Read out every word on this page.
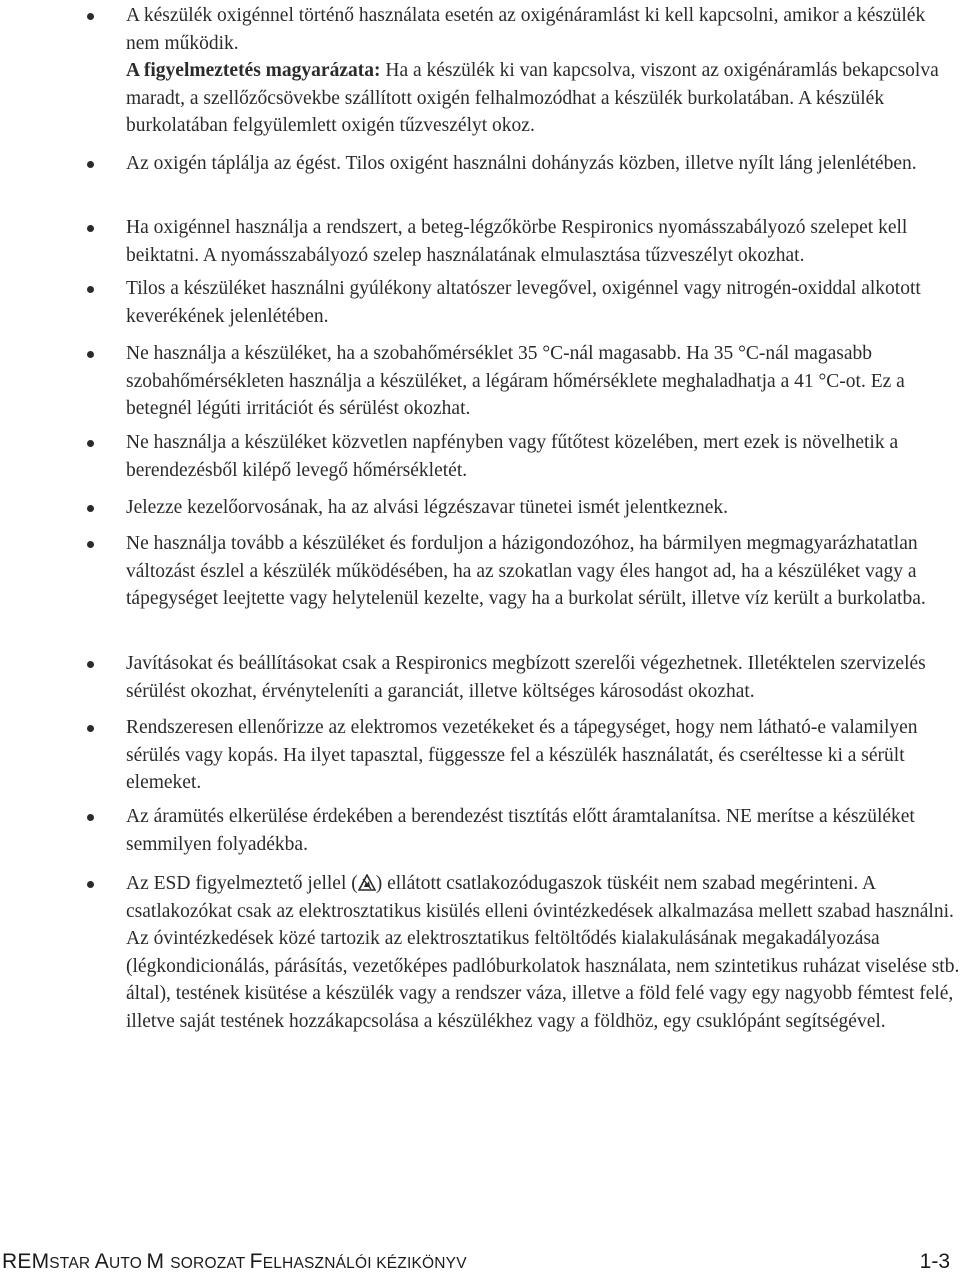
A készülék oxigénnel történő használata esetén az oxigénáramlást ki kell kapcsolni, amikor a készülék nem működik.
A figyelmeztetés magyarázata: Ha a készülék ki van kapcsolva, viszont az oxigénáramlás bekapcsolva maradt, a szellőzőcsövekbe szállított oxigén felhalmozódhat a készülék burkolatában. A készülék burkolatában felgyülemlett oxigén tűzveszélyt okoz.
Az oxigén táplálja az égést. Tilos oxigént használni dohányzás közben, illetve nyílt láng jelenlétében.
Ha oxigénnel használja a rendszert, a beteg-légzőkörbe Respironics nyomásszabályozó szelepet kell beiktatni. A nyomásszabályozó szelep használatának elmulasztása tűzveszélyt okozhat.
Tilos a készüléket használni gyúlékony altatószer levegővel, oxigénnel vagy nitrogén-oxiddal alkotott keverékének jelenlétében.
Ne használja a készüléket, ha a szobahőmérséklet 35 °C-nál magasabb. Ha 35 °C-nál magasabb szobahőmérsékleten használja a készüléket, a légáram hőmérséklete meghaladhatja a 41 °C-ot. Ez a betegnél légúti irritációt és sérülést okozhat.
Ne használja a készüléket közvetlen napfényben vagy fűtőtest közelében, mert ezek is növelhetik a berendezésből kilépő levegő hőmérsékletét.
Jelezze kezelőorvosának, ha az alvási légzészavar tünetei ismét jelentkeznek.
Ne használja tovább a készüléket és forduljon a házigondozóhoz, ha bármilyen megmagyarázhatatlan változást észlel a készülék működésében, ha az szokatlan vagy éles hangot ad, ha a készüléket vagy a tápegységet leejtette vagy helytelenül kezelte, vagy ha a burkolat sérült, illetve víz került a burkolatba.
Javításokat és beállításokat csak a Respironics megbízott szerelői végezhetnek. Illetéktelen szervizelés sérülést okozhat, érvényteleníti a garanciát, illetve költséges károsodást okozhat.
Rendszeresen ellenőrizze az elektromos vezetékeket és a tápegységet, hogy nem látható-e valamilyen sérülés vagy kopás. Ha ilyet tapasztal, függessze fel a készülék használatát, és cseréltesse ki a sérült elemeket.
Az áramütés elkerülése érdekében a berendezést tisztítás előtt áramtalanítsa. NE merítse a készüléket semmilyen folyadékba.
Az ESD figyelmeztető jellel ( ) ellátott csatlakozódugaszok tüskéit nem szabad megérinteni. A csatlakozókat csak az elektrosztatikus kisülés elleni óvintézkedések alkalmazása mellett szabad használni. Az óvintézkedések közé tartozik az elektrosztatikus feltöltődés kialakulásának megakadályozása (légkondicionálás, párásítás, vezetőképes padlóburkolatok használata, nem szintetikus ruházat viselése stb. által), testének kisütése a készülék vagy a rendszer váza, illetve a föld felé vagy egy nagyobb fémtest felé, illetve saját testének hozzákapcsolása a készülékhez vagy a földhöz, egy csuklópánt segítségével.
REMSTAR AUTO M SOROZAT FELHASZNÁLÓI KÉZIKÖNYV	1-3
